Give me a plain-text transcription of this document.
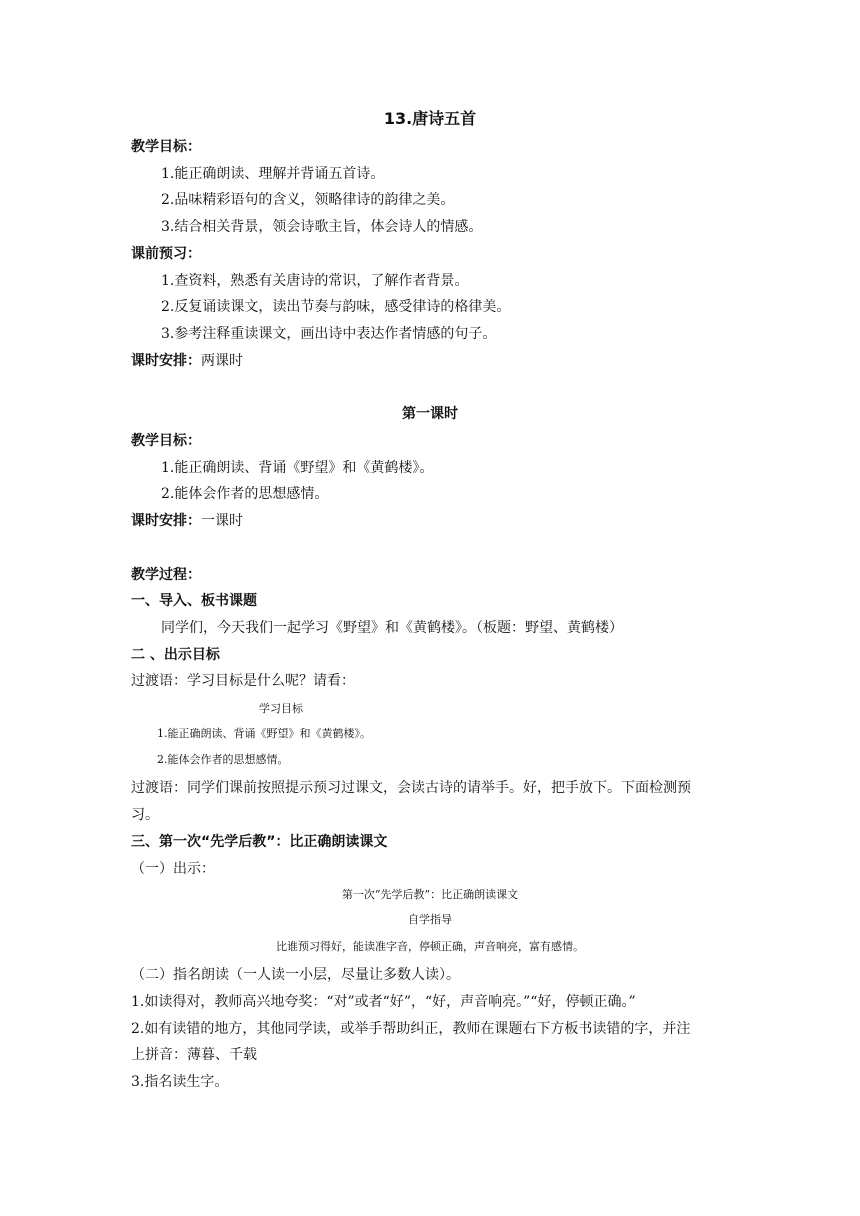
13.唐诗五首
教学目标：
1.能正确朗读、理解并背诵五首诗。
2.品味精彩语句的含义，领略律诗的韵律之美。
3.结合相关背景，领会诗歌主旨，体会诗人的情感。
课前预习：
1.查资料，熟悉有关唐诗的常识，了解作者背景。
2.反复诵读课文，读出节奏与韵味，感受律诗的格律美。
3.参考注释重读课文，画出诗中表达作者情感的句子。
课时安排：两课时
第一课时
教学目标：
1.能正确朗读、背诵《野望》和《黄鹤楼》。
2.能体会作者的思想感情。
课时安排：一课时
教学过程：
一、导入、板书课题
同学们，今天我们一起学习《野望》和《黄鹤楼》。（板题：野望、黄鹤楼）
二 、出示目标
过渡语：学习目标是什么呢？请看：
学习目标
1.能正确朗读、背诵《野望》和《黄鹤楼》。
2.能体会作者的思想感情。
过渡语：同学们课前按照提示预习过课文，会读古诗的请举手。好，把手放下。下面检测预
习。
三、第一次“先学后教”：比正确朗读课文
（一）出示：
第一次“先学后教”：比正确朗读课文
自学指导
比谁预习得好，能读准字音，停顿正确，声音响亮，富有感情。
（二）指名朗读（一人读一小层，尽量让多数人读）。
1.如读得对，教师高兴地夸奖：“对”或者“好”，“好，声音响亮。”“好，停顿正确。”
2.如有读错的地方，其他同学读，或举手帮助纠正，教师在课题右下方板书读错的字，并注
上拼音：薄暮、千载
3.指名读生字。
